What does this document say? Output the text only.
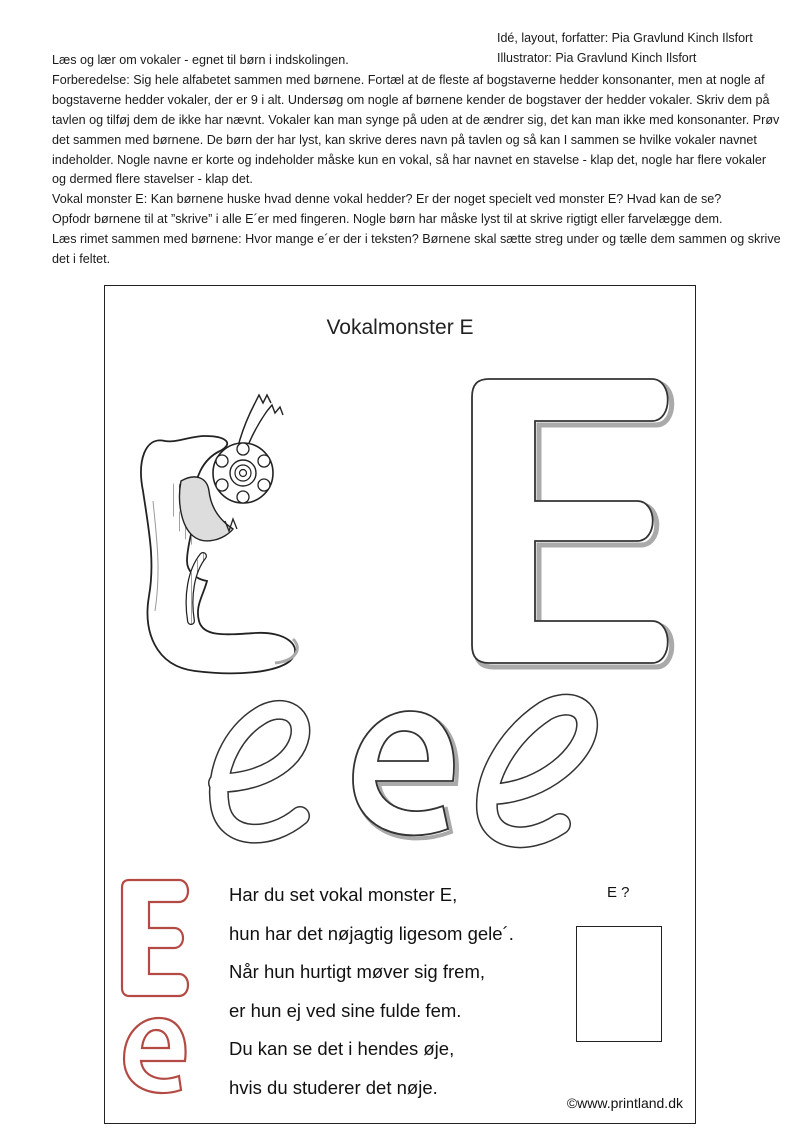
Idé, layout, forfatter: Pia Gravlund Kinch Ilsfort
Illustrator: Pia Gravlund Kinch Ilsfort

Læs og lær om vokaler - egnet til børn i indskolingen.

Forberedelse: Sig hele alfabetet sammen med børnene. Fortæl at de fleste af bogstaverne hedder konsonanter, men at nogle af bogstaverne hedder vokaler, der er 9 i alt. Undersøg om nogle af børnene kender de bogstaver der hedder vokaler. Skriv dem på tavlen og tilføj dem de ikke har nævnt. Vokaler kan man synge på uden at de ændrer sig, det kan man ikke med konsonanter. Prøv det sammen med børnene. De børn der har lyst, kan skrive deres navn på tavlen og så kan I sammen se hvilke vokaler navnet indeholder. Nogle navne er korte og indeholder måske kun en vokal, så har navnet en stavelse - klap det, nogle har flere vokaler og dermed flere stavelser - klap det.

Vokal monster E: Kan børnene huske hvad denne vokal hedder? Er der noget specielt ved monster E? Hvad kan de se?

Opfodr børnene til at ”skrive” i alle E´er med fingeren. Nogle børn har måske lyst til at skrive rigtigt eller farvelægge dem.

Læs rimet sammen med børnene: Hvor mange e´er der i teksten? Børnene skal sætte streg under og tælle dem sammen og skrive det i feltet.

Vokalmonster E
E
Har du set vokal monster E,
hun har det nøjagtig ligesom gele´.
Når hun hurtigt møver sig frem,
er hun ej ved sine fulde fem.
Du kan se det i hendes øje,
hvis du studerer det nøje.
E ?
©www.printland.dk
